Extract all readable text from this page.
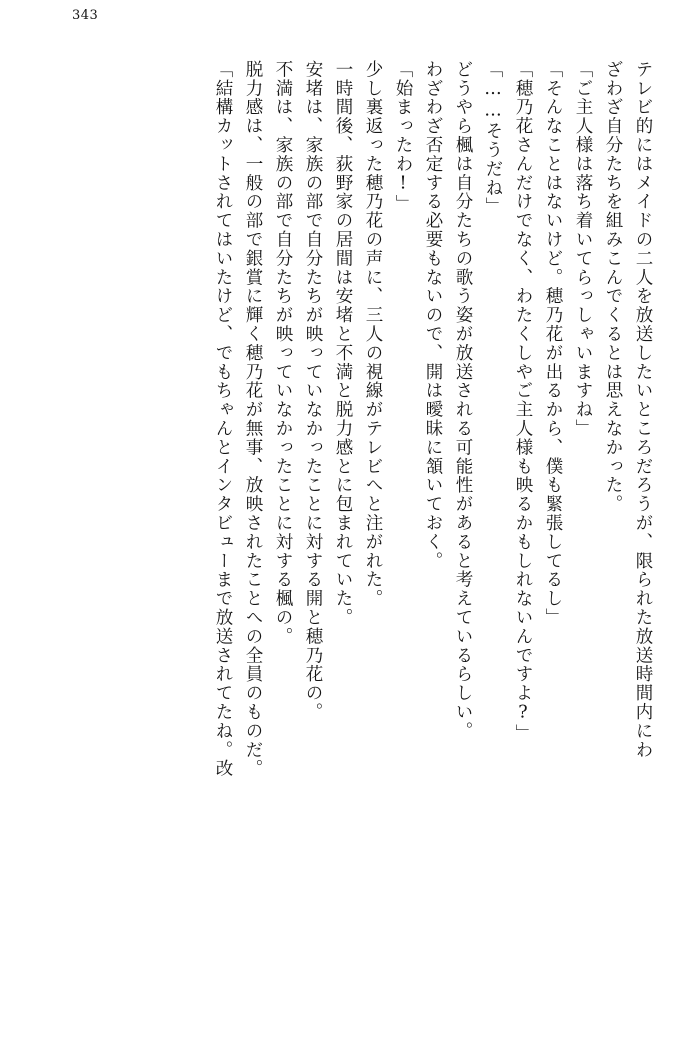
343
「結構カットされてはいたけど、でもちゃんとインタビューまで放送されてたね。改 脱力感は、一般の部で銀賞に輝く穂乃花が無事、放映されたことへの全員のものだ。 不満は、家族の部で自分たちが映っていなかったことに対する楓の。 安堵は、家族の部で自分たちが映っていなかったことに対する開と穂乃花の。 一時間後、荻野家の居間は安堵と不満と脱力感とに包まれていた。 少し裏返った穂乃花の声に、三人の視線がテレビへと注がれた。 「始まったわ!」 わざわざ否定する必要もないので、開は曖昧に頷いておく。 どうやら楓は自分たちの歌う姿が放送される可能性があると考えているらしい。 「……そうだね」 「穂乃花さんだけでなく、わたくしやご主人様も映るかもしれないんですよ?」 「そんなことはないけど。穂乃花が出るから、僕も緊張してるし」 「ご主人様は落ち着いてらっしゃいますね」 ざわざ自分たちを組みこんでくるとは思えなかった。 テレビ的にはメイドの二人を放送したいところだろうが、限られた放送時間内にわ
